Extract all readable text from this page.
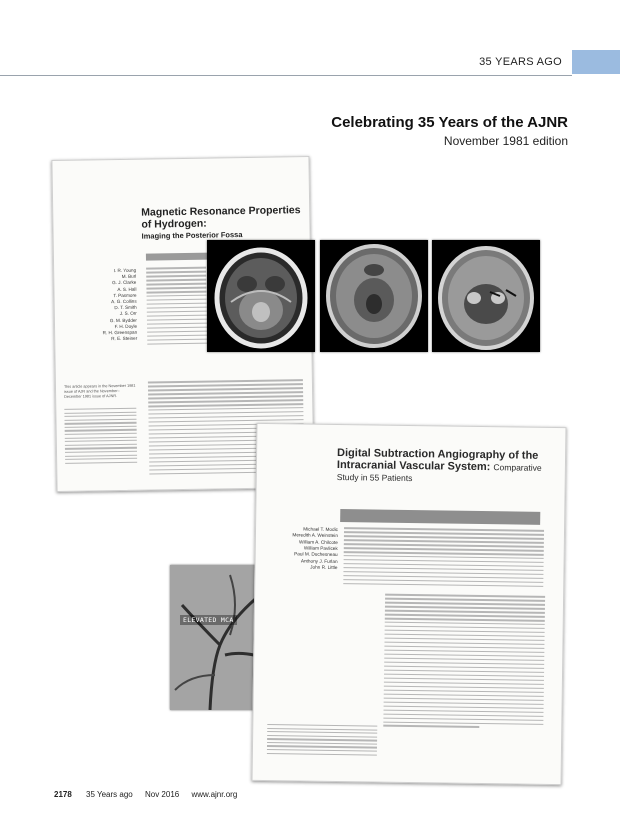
35 YEARS AGO
Celebrating 35 Years of the AJNR
November 1981 edition
Magnetic Resonance Properties of Hydrogen:
Imaging the Posterior Fossa
I. R. Young
M. Burl
G. J. Clarke
A. S. Hall
T. Pasmore
A. G. Collins
D. T. Smith
J. S. Orr
G. M. Bydder
F. H. Doyle
R. H. Greenspan
R. E. Steiner
This article appears in the November 1981 issue of AJR and the November–December 1981 issue of AJNR.
ELEVATED MCA
Digital Subtraction Angiography of the Intracranial Vascular System: Comparative Study in 55 Patients
Michael T. Modic
Meredith A. Weinstein
William A. Chilcote
William Pavlicek
Paul M. Duchesneau
Anthony J. Furlan
John R. Little
2178 35 Years ago Nov 2016 www.ajnr.org
